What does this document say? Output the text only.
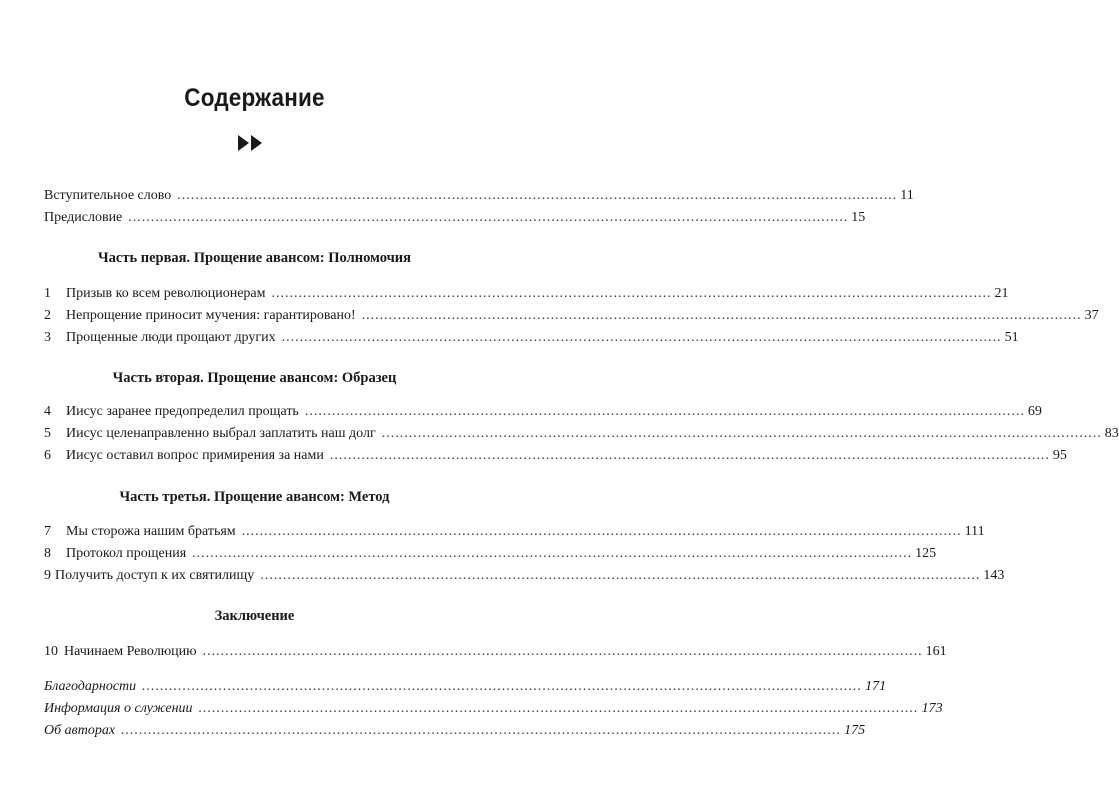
Содержание
Вступительное слово ................................................................................................................................................................ 11
Предисловие ................................................................................................................................................................ 15
Часть первая. Прощение авансом: Полномочия
1	Призыв ко всем революционерам ................................................................................................................................................................ 21
2	Непрощение приносит мучения: гарантировано! ................................................................................................................................................................ 37
3	Прощенные люди прощают других ................................................................................................................................................................ 51
Часть вторая. Прощение авансом: Образец
4	Иисус заранее предопределил прощать ................................................................................................................................................................ 69
5	Иисус целенаправленно выбрал заплатить наш долг ................................................................................................................................................................ 83
6	Иисус оставил вопрос примирения за нами ................................................................................................................................................................ 95
Часть третья. Прощение авансом: Метод
7	Мы сторожа нашим братьям ................................................................................................................................................................ 111
8	Протокол прощения ................................................................................................................................................................ 125
9 Получить доступ к их святилищу ................................................................................................................................................................ 143
Заключение
10 Начинаем Революцию ................................................................................................................................................................ 161
Благодарности ................................................................................................................................................................ 171
Информация о служении ................................................................................................................................................................ 173
Об авторах ................................................................................................................................................................ 175
